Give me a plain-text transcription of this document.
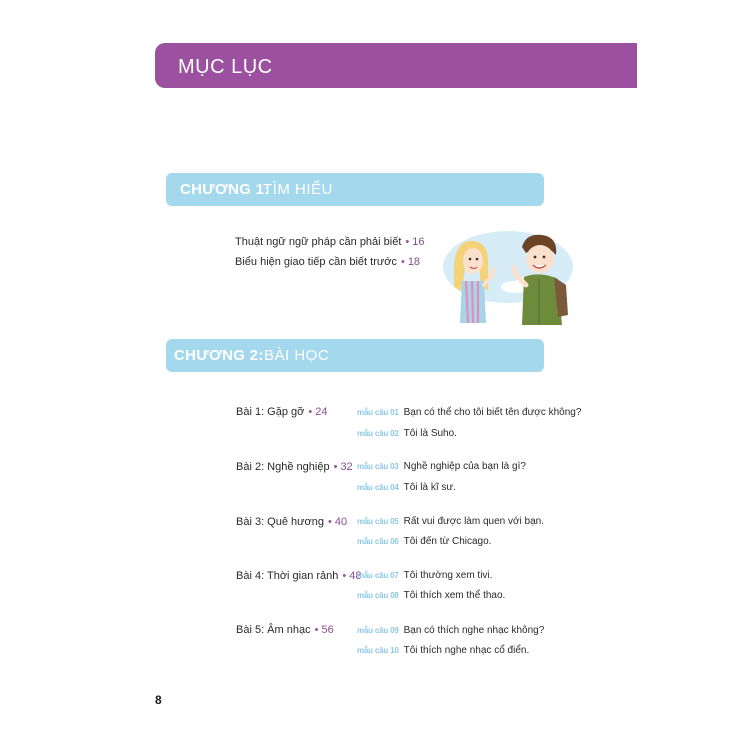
MỤC LỤC
CHƯƠNG 1:
TÌM HIỂU
Thuật ngữ ngữ pháp cần phải biết • 16
Biểu hiện giao tiếp cần biết trước • 18
CHƯƠNG 2: BÀI HỌC
Bài 1: Gặp gỡ • 24	mẫu câu 01 Bạn có thể cho tôi biết tên được không?
mẫu câu 02 Tôi là Suho.
Bài 2: Nghề nghiệp • 32 mẫu câu 03 Nghề nghiệp của bạn là gì?
mẫu câu 04 Tôi là kĩ sư.
Bài 3: Quê hương • 40 mẫu câu 05 Rất vui được làm quen với bạn.
mẫu câu 06 Tôi đến từ Chicago.
Bài 4: Thời gian rảnh • 48
mẫu câu 07 Tôi thường xem tivi.
mẫu câu 08 Tôi thích xem thể thao.
Bài 5: Âm nhạc • 56	mẫu câu 09 Bạn có thích nghe nhạc không?
mẫu câu 10 Tôi thích nghe nhạc cổ điển.
8
